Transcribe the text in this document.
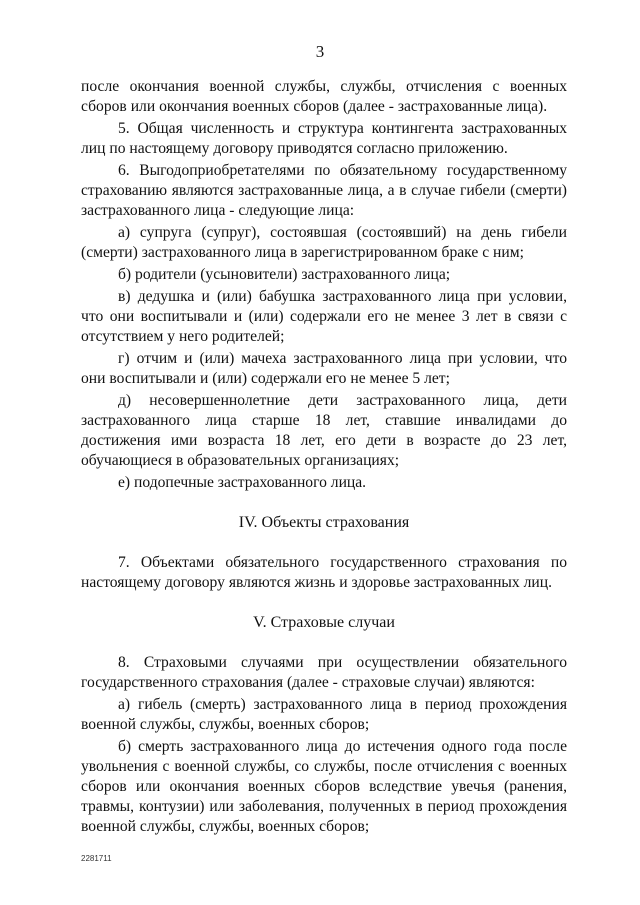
3

после окончания военной службы, службы, отчисления с военных сборов или окончания военных сборов (далее - застрахованные лица).

5. Общая численность и структура контингента застрахованных лиц по настоящему договору приводятся согласно приложению.

6. Выгодоприобретателями по обязательному государственному страхованию являются застрахованные лица, а в случае гибели (смерти) застрахованного лица - следующие лица:

а) супруга (супруг), состоявшая (состоявший) на день гибели (смерти) застрахованного лица в зарегистрированном браке с ним;

б) родители (усыновители) застрахованного лица;

в) дедушка и (или) бабушка застрахованного лица при условии, что они воспитывали и (или) содержали его не менее 3 лет в связи с отсутствием у него родителей;

г) отчим и (или) мачеха застрахованного лица при условии, что они воспитывали и (или) содержали его не менее 5 лет;

д) несовершеннолетние дети застрахованного лица, дети застрахованного лица старше 18 лет, ставшие инвалидами до достижения ими возраста 18 лет, его дети в возрасте до 23 лет, обучающиеся в образовательных организациях;

е) подопечные застрахованного лица.

IV. Объекты страхования

7. Объектами обязательного государственного страхования по настоящему договору являются жизнь и здоровье застрахованных лиц.

V. Страховые случаи

8. Страховыми случаями при осуществлении обязательного государственного страхования (далее - страховые случаи) являются:

а) гибель (смерть) застрахованного лица в период прохождения военной службы, службы, военных сборов;

б) смерть застрахованного лица до истечения одного года после увольнения с военной службы, со службы, после отчисления с военных сборов или окончания военных сборов вследствие увечья (ранения, травмы, контузии) или заболевания, полученных в период прохождения военной службы, службы, военных сборов;

2281711
